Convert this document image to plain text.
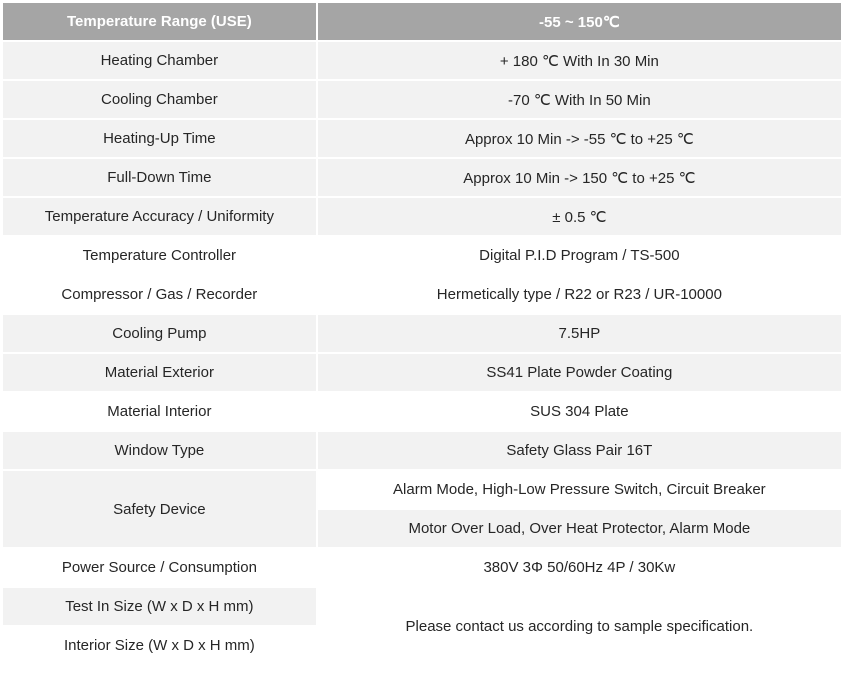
Temperature Range (USE)	-55 ~ 150℃
Heating Chamber	+ 180 ℃ With In 30 Min
Cooling Chamber	-70 ℃ With In 50 Min
Heating-Up Time	Approx 10 Min -> -55 ℃ to +25 ℃
Full-Down Time	Approx 10 Min -> 150 ℃ to +25 ℃
Temperature Accuracy / Uniformity	± 0.5 ℃
Temperature Controller	Digital P.I.D Program / TS-500
Compressor / Gas / Recorder	Hermetically type / R22 or R23 / UR-10000
Cooling Pump	7.5HP
Material Exterior	SS41 Plate Powder Coating
Material Interior	SUS 304 Plate
Window Type	Safety Glass Pair 16T
Safety Device	Alarm Mode, High-Low Pressure Switch, Circuit Breaker
	Motor Over Load, Over Heat Protector, Alarm Mode
Power Source / Consumption	380V 3Φ 50/60Hz 4P / 30Kw
Test In Size (W x D x H mm)	Please contact us according to sample specification.
Interior Size (W x D x H mm)	
